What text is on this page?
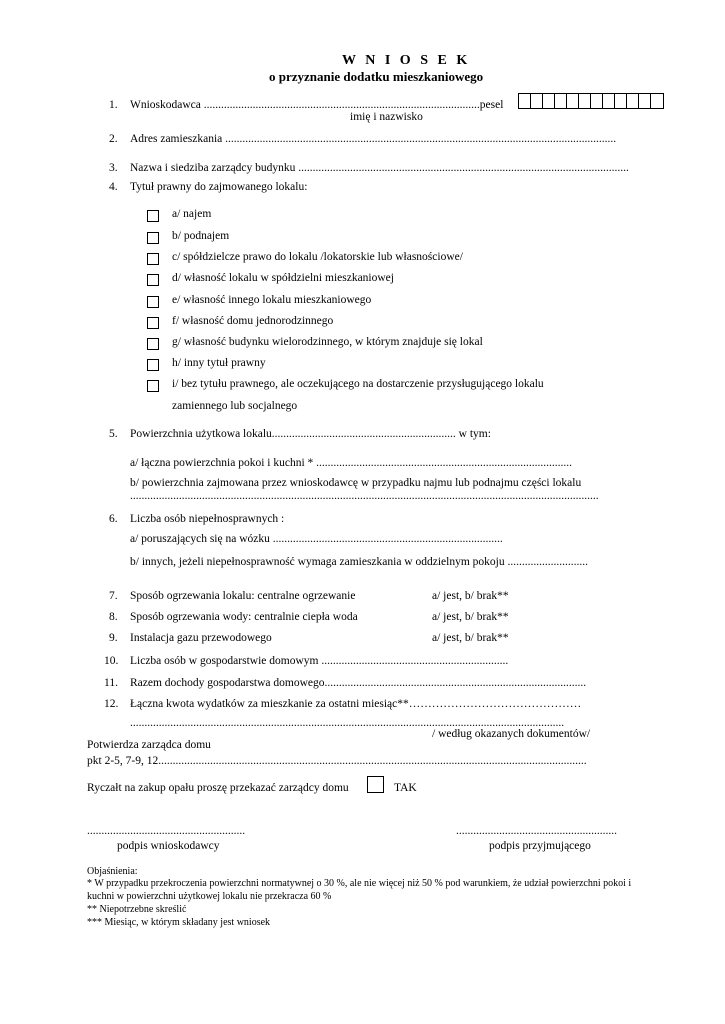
W N I O S E K
o przyznanie dodatku mieszkaniowego
1. Wnioskodawca ................................................................................................pesel
imię i nazwisko
2. Adres zamieszkania ........................................................................................................................................
3. Nazwa i siedziba zarządcy budynku ...................................................................................................................
4. Tytuł prawny do zajmowanego lokalu:
a/ najem
b/ podnajem
c/ spółdzielcze prawo do lokalu /lokatorskie lub własnościowe/
d/ własność lokalu w spółdzielni mieszkaniowej
e/ własność innego lokalu mieszkaniowego
f/ własność domu jednorodzinnego
g/ własność budynku wielorodzinnego, w którym znajduje się lokal
h/ inny tytuł prawny
i/ bez tytułu prawnego, ale oczekującego na dostarczenie przysługującego lokalu
zamiennego lub socjalnego
5. Powierzchnia użytkowa lokalu................................................................ w tym:
a/ łączna powierzchnia pokoi i kuchni * .........................................................................................
b/ powierzchnia zajmowana przez wnioskodawcę w przypadku najmu lub podnajmu części lokalu
...................................................................................................................................................................
6. Liczba osób niepełnosprawnych :
a/ poruszających się na wózku ................................................................................
b/ innych, jeżeli niepełnosprawność wymaga zamieszkania w oddzielnym pokoju ............................
7. Sposób ogrzewania lokalu: centralne ogrzewanie	a/ jest, b/ brak**
8. Sposób ogrzewania wody: centralnie ciepła woda	a/ jest, b/ brak**
9. Instalacja gazu przewodowego	a/ jest, b/ brak**
10. Liczba osób w gospodarstwie domowym .................................................................
11. Razem dochody gospodarstwa domowego...........................................................................................
12. Łączna kwota wydatków za mieszkanie za ostatni miesiąc**………………………………………
.......................................................................................................................................................
/ według okazanych dokumentów/
Potwierdza zarządca domu
pkt 2-5, 7-9, 12.....................................................................................................................................................
Ryczałt na zakup opału proszę przekazać zarządcy domu	TAK
.......................................................
podpis wnioskodawcy
........................................................
podpis przyjmującego
Objaśnienia:
* W przypadku przekroczenia powierzchni normatywnej o 30 %, ale nie więcej niż 50 % pod warunkiem, że udział powierzchni pokoi i
kuchni w powierzchni użytkowej lokalu nie przekracza 60 %
** Niepotrzebne skreślić
*** Miesiąc, w którym składany jest wniosek
